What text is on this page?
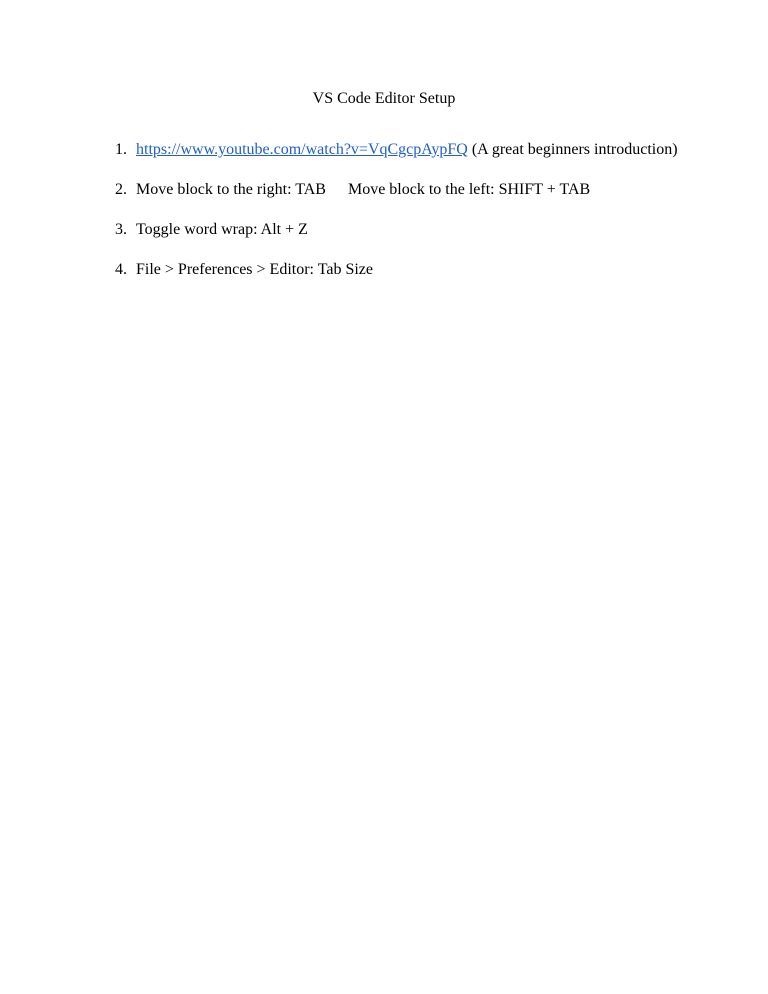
VS Code Editor Setup
1. https://www.youtube.com/watch?v=VqCgcpAypFQ (A great beginners introduction)
2. Move block to the right: TAB Move block to the left: SHIFT + TAB
3. Toggle word wrap: Alt + Z
4. File > Preferences > Editor: Tab Size
